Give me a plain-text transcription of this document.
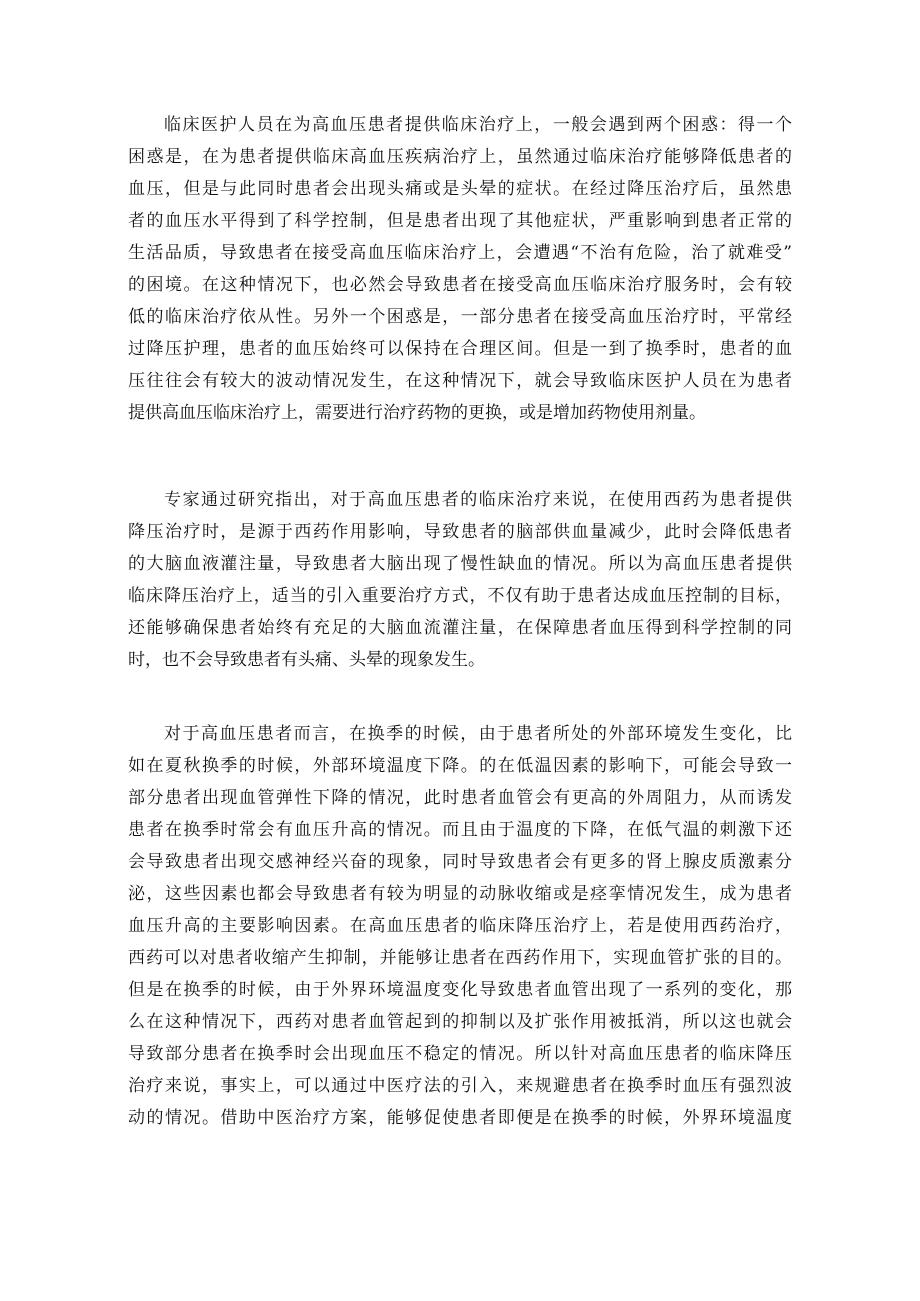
临床医护人员在为高血压患者提供临床治疗上，一般会遇到两个困惑：得一个
困惑是，在为患者提供临床高血压疾病治疗上，虽然通过临床治疗能够降低患者的
血压，但是与此同时患者会出现头痛或是头晕的症状。在经过降压治疗后，虽然患
者的血压水平得到了科学控制，但是患者出现了其他症状，严重影响到患者正常的
生活品质，导致患者在接受高血压临床治疗上，会遭遇“不治有危险，治了就难受”
的困境。在这种情况下，也必然会导致患者在接受高血压临床治疗服务时，会有较
低的临床治疗依从性。另外一个困惑是，一部分患者在接受高血压治疗时，平常经
过降压护理，患者的血压始终可以保持在合理区间。但是一到了换季时，患者的血
压往往会有较大的波动情况发生，在这种情况下，就会导致临床医护人员在为患者
提供高血压临床治疗上，需要进行治疗药物的更换，或是增加药物使用剂量。
专家通过研究指出，对于高血压患者的临床治疗来说，在使用西药为患者提供
降压治疗时，是源于西药作用影响，导致患者的脑部供血量减少，此时会降低患者
的大脑血液灌注量，导致患者大脑出现了慢性缺血的情况。所以为高血压患者提供
临床降压治疗上，适当的引入重要治疗方式，不仅有助于患者达成血压控制的目标，
还能够确保患者始终有充足的大脑血流灌注量，在保障患者血压得到科学控制的同
时，也不会导致患者有头痛、头晕的现象发生。
对于高血压患者而言，在换季的时候，由于患者所处的外部环境发生变化，比
如在夏秋换季的时候，外部环境温度下降。的在低温因素的影响下，可能会导致一
部分患者出现血管弹性下降的情况，此时患者血管会有更高的外周阻力，从而诱发
患者在换季时常会有血压升高的情况。而且由于温度的下降，在低气温的刺激下还
会导致患者出现交感神经兴奋的现象，同时导致患者会有更多的肾上腺皮质激素分
泌，这些因素也都会导致患者有较为明显的动脉收缩或是痉挛情况发生，成为患者
血压升高的主要影响因素。在高血压患者的临床降压治疗上，若是使用西药治疗，
西药可以对患者收缩产生抑制，并能够让患者在西药作用下，实现血管扩张的目的。
但是在换季的时候，由于外界环境温度变化导致患者血管出现了一系列的变化，那
么在这种情况下，西药对患者血管起到的抑制以及扩张作用被抵消，所以这也就会
导致部分患者在换季时会出现血压不稳定的情况。所以针对高血压患者的临床降压
治疗来说，事实上，可以通过中医疗法的引入，来规避患者在换季时血压有强烈波
动的情况。借助中医治疗方案，能够促使患者即便是在换季的时候，外界环境温度
